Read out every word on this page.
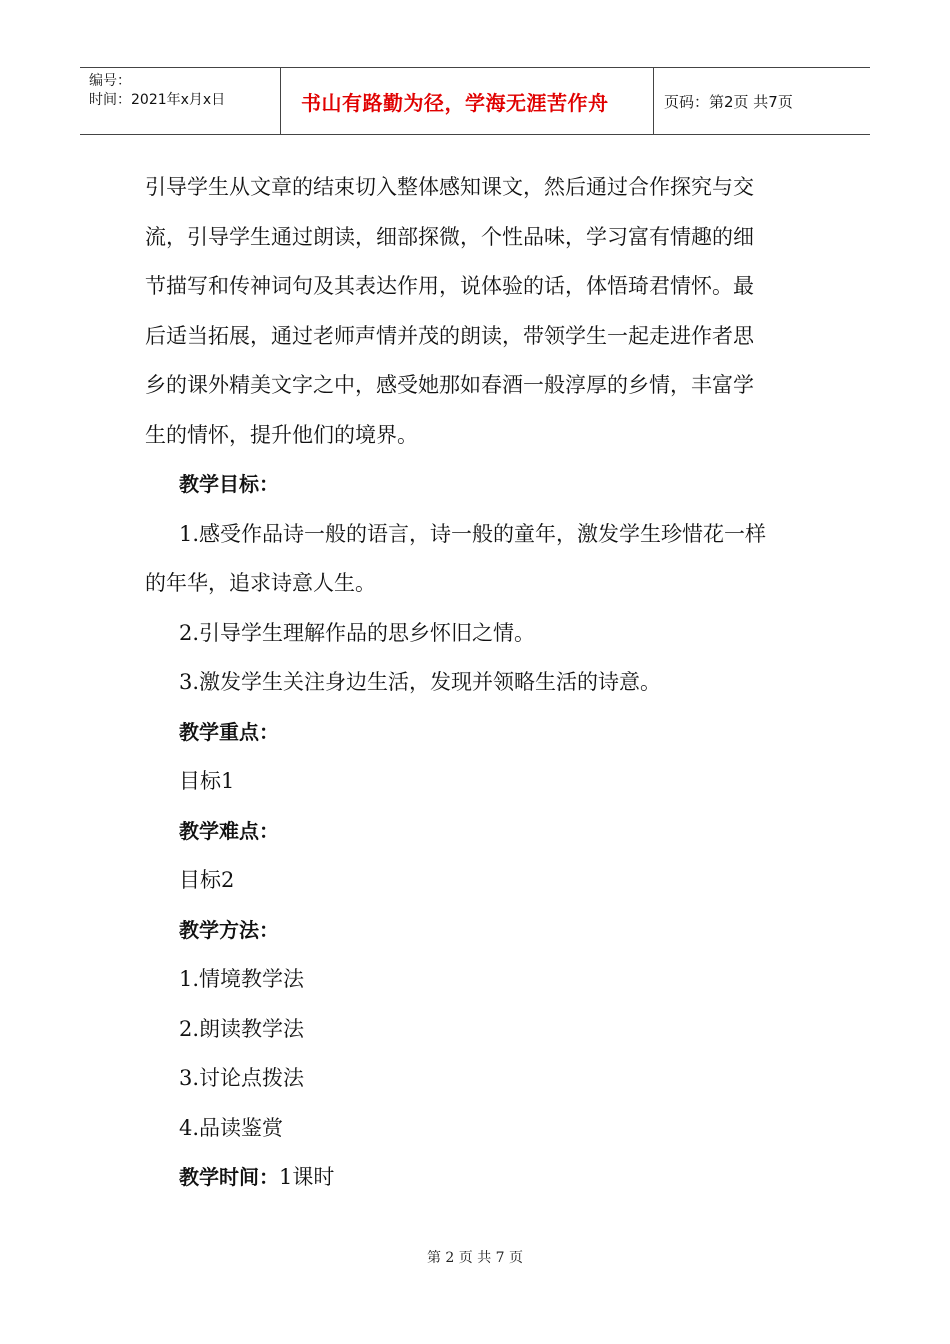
编号：
时间：2021年x月x日	书山有路勤为径，学海无涯苦作舟	页码：第2页 共7页

引导学生从文章的结束切入整体感知课文，然后通过合作探究与交

流，引导学生通过朗读，细部探微，个性品味，学习富有情趣的细

节描写和传神词句及其表达作用，说体验的话，体悟琦君情怀。最

后适当拓展，通过老师声情并茂的朗读，带领学生一起走进作者思

乡的课外精美文字之中，感受她那如春酒一般淳厚的乡情，丰富学

生的情怀，提升他们的境界。

教学目标：

1.感受作品诗一般的语言，诗一般的童年，激发学生珍惜花一样

的年华，追求诗意人生。

2.引导学生理解作品的思乡怀旧之情。

3.激发学生关注身边生活，发现并领略生活的诗意。

教学重点：

目标1

教学难点：

目标2

教学方法：

1.情境教学法

2.朗读教学法

3.讨论点拨法

4.品读鉴赏

教学时间：1课时

第 2 页 共 7 页
